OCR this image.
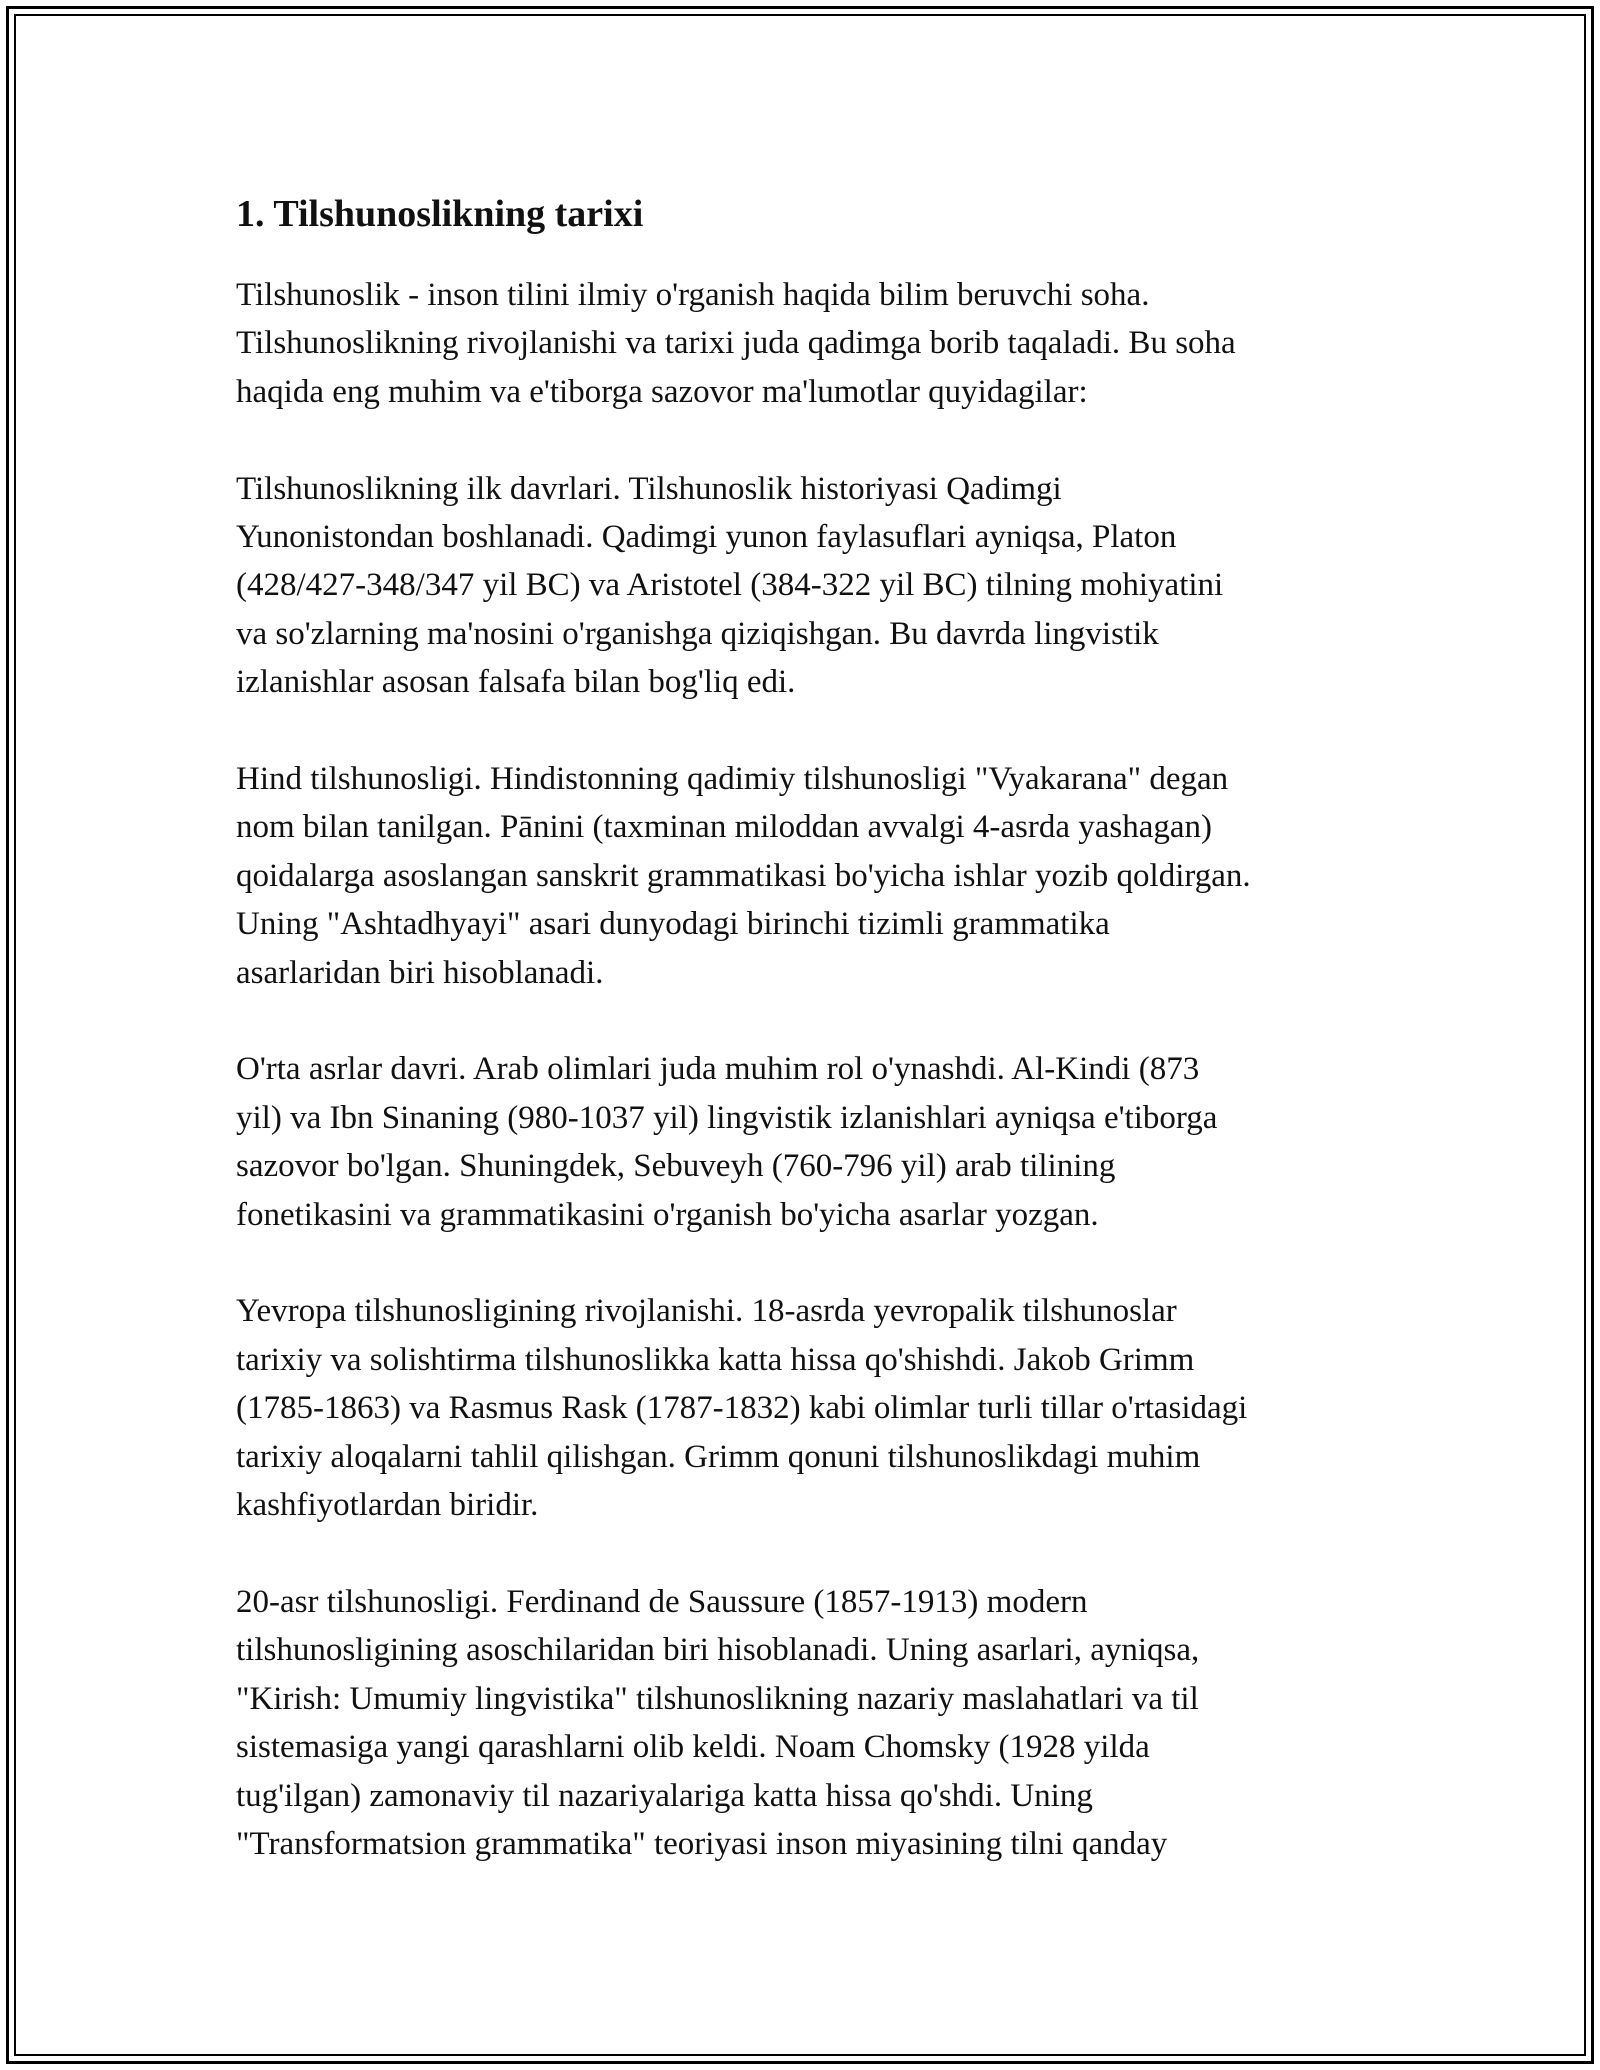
1. Tilshunoslikning tarixi

Tilshunoslik - inson tilini ilmiy o'rganish haqida bilim beruvchi soha.
Tilshunoslikning rivojlanishi va tarixi juda qadimga borib taqaladi. Bu soha
haqida eng muhim va e'tiborga sazovor ma'lumotlar quyidagilar:

Tilshunoslikning ilk davrlari. Tilshunoslik historiyasi Qadimgi
Yunonistondan boshlanadi. Qadimgi yunon faylasuflari ayniqsa, Platon
(428/427-348/347 yil BC) va Aristotel (384-322 yil BC) tilning mohiyatini
va so'zlarning ma'nosini o'rganishga qiziqishgan. Bu davrda lingvistik
izlanishlar asosan falsafa bilan bog'liq edi.

Hind tilshunosligi. Hindistonning qadimiy tilshunosligi "Vyakarana" degan
nom bilan tanilgan. Pānini (taxminan miloddan avvalgi 4-asrda yashagan)
qoidalarga asoslangan sanskrit grammatikasi bo'yicha ishlar yozib qoldirgan.
Uning "Ashtadhyayi" asari dunyodagi birinchi tizimli grammatika
asarlaridan biri hisoblanadi.

O'rta asrlar davri. Arab olimlari juda muhim rol o'ynashdi. Al-Kindi (873
yil) va Ibn Sinaning (980-1037 yil) lingvistik izlanishlari ayniqsa e'tiborga
sazovor bo'lgan. Shuningdek, Sebuveyh (760-796 yil) arab tilining
fonetikasini va grammatikasini o'rganish bo'yicha asarlar yozgan.

Yevropa tilshunosligining rivojlanishi. 18-asrda yevropalik tilshunoslar
tarixiy va solishtirma tilshunoslikka katta hissa qo'shishdi. Jakob Grimm
(1785-1863) va Rasmus Rask (1787-1832) kabi olimlar turli tillar o'rtasidagi
tarixiy aloqalarni tahlil qilishgan. Grimm qonuni tilshunoslikdagi muhim
kashfiyotlardan biridir.

20-asr tilshunosligi. Ferdinand de Saussure (1857-1913) modern
tilshunosligining asoschilaridan biri hisoblanadi. Uning asarlari, ayniqsa,
"Kirish: Umumiy lingvistika" tilshunoslikning nazariy maslahatlari va til
sistemasiga yangi qarashlarni olib keldi. Noam Chomsky (1928 yilda
tug'ilgan) zamonaviy til nazariyalariga katta hissa qo'shdi. Uning
"Transformatsion grammatika" teoriyasi inson miyasining tilni qanday
